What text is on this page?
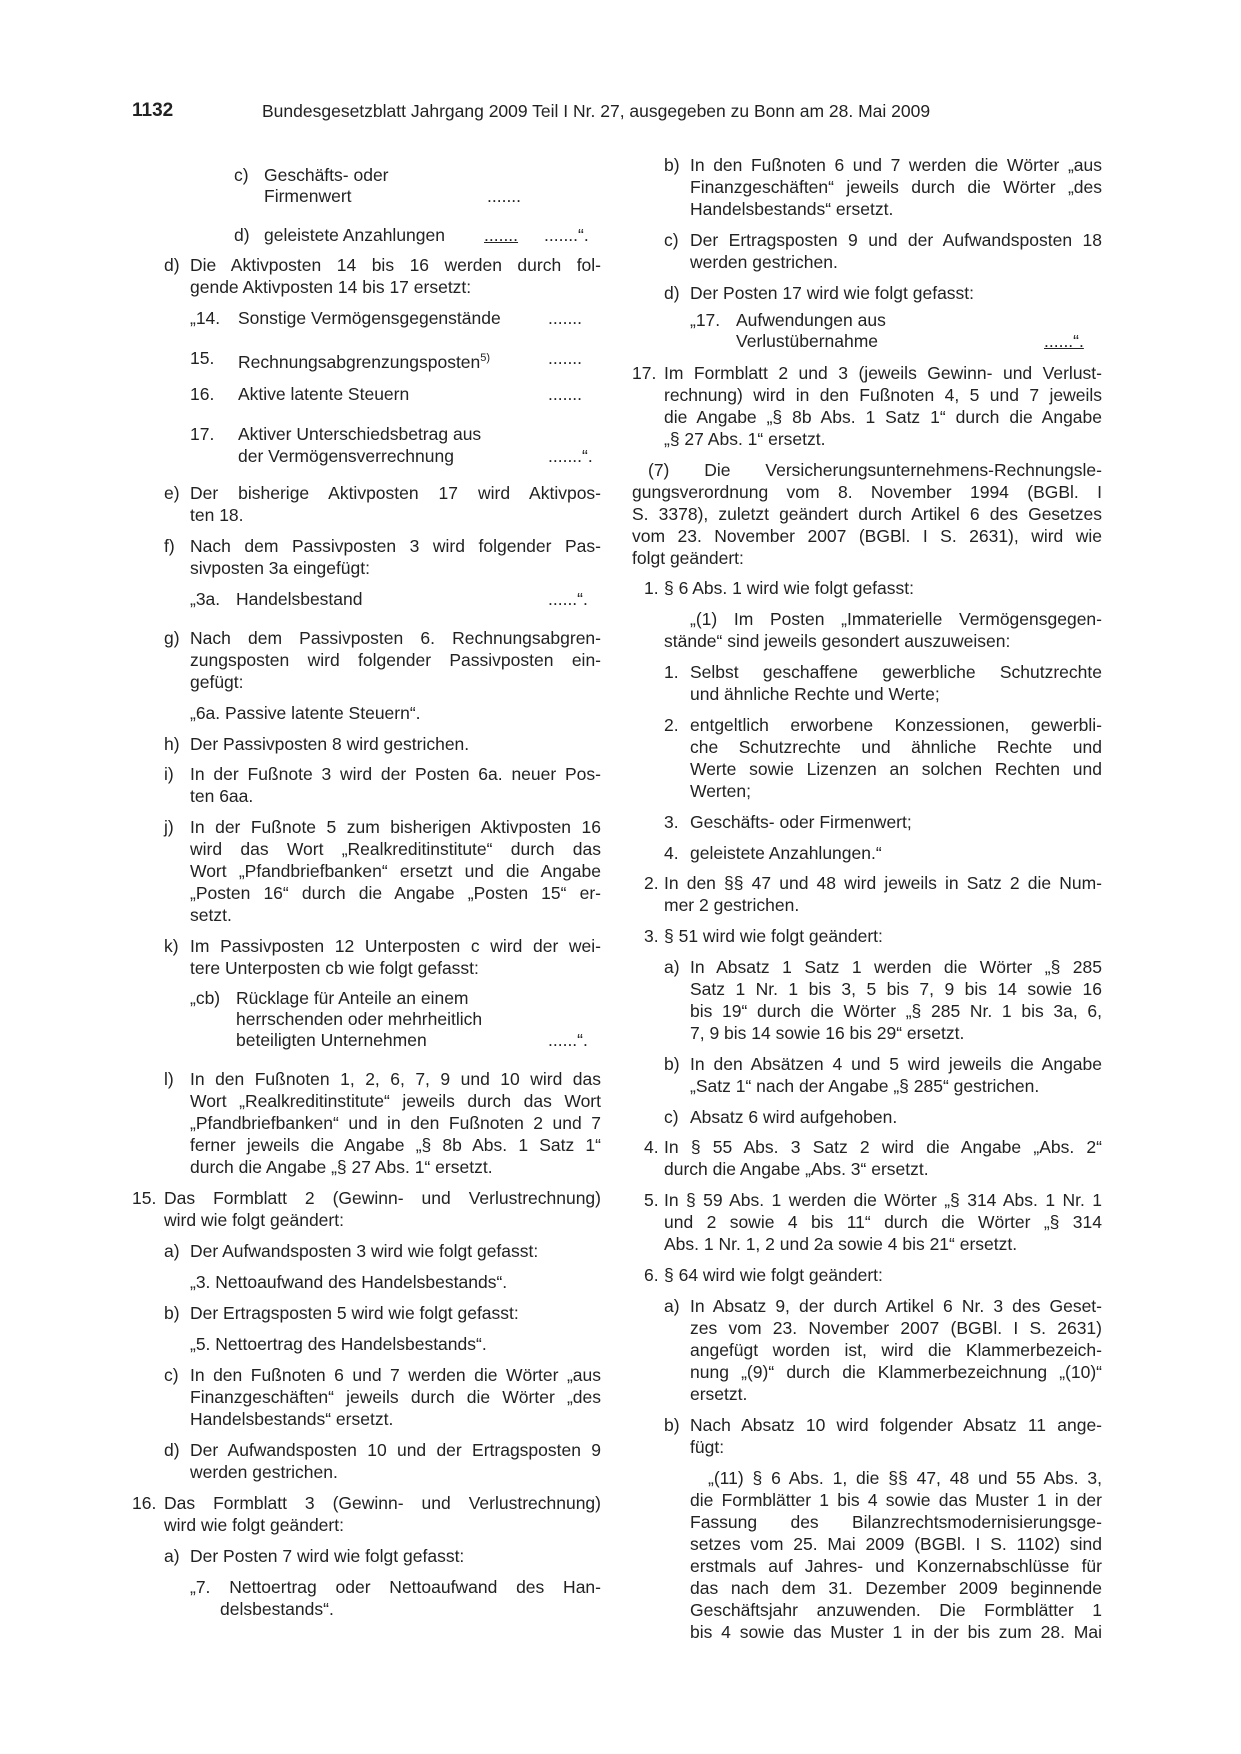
1132	Bundesgesetzblatt Jahrgang 2009 Teil I Nr. 27, ausgegeben zu Bonn am 28. Mai 2009
c) Geschäfts- oder
Firmenwert	.......
d) geleistete Anzahlungen ....... .......“.
d) Die Aktivposten 14 bis 16 werden durch fol-
gende Aktivposten 14 bis 17 ersetzt:
„14. Sonstige Vermögensgegenstände	.......
15. Rechnungsabgrenzungsposten$^{5)}$	.......
16. Aktive latente Steuern	.......
17. Aktiver Unterschiedsbetrag aus
der Vermögensverrechnung	.......“.
e) Der bisherige Aktivposten 17 wird Aktivpos-
ten 18.
f) Nach dem Passivposten 3 wird folgender Pas-
sivposten 3a eingefügt:
„3a. Handelsbestand	......“.
g) Nach dem Passivposten 6. Rechnungsabgren-
zungsposten wird folgender Passivposten ein-
gefügt:
„6a. Passive latente Steuern“.
h) Der Passivposten 8 wird gestrichen.
i) In der Fußnote 3 wird der Posten 6a. neuer Pos-
ten 6aa.
j) In der Fußnote 5 zum bisherigen Aktivposten 16
wird das Wort „Realkreditinstitute“ durch das
Wort „Pfandbriefbanken“ ersetzt und die Angabe
„Posten 16“ durch die Angabe „Posten 15“ er-
setzt.
k) Im Passivposten 12 Unterposten c wird der wei-
tere Unterposten cb wie folgt gefasst:
„cb) Rücklage für Anteile an einem
herrschenden oder mehrheitlich
beteiligten Unternehmen	......“.
l) In den Fußnoten 1, 2, 6, 7, 9 und 10 wird das
Wort „Realkreditinstitute“ jeweils durch das Wort
„Pfandbriefbanken“ und in den Fußnoten 2 und 7
ferner jeweils die Angabe „§ 8b Abs. 1 Satz 1“
durch die Angabe „§ 27 Abs. 1“ ersetzt.
15. Das Formblatt 2 (Gewinn- und Verlustrechnung)
wird wie folgt geändert:
a) Der Aufwandsposten 3 wird wie folgt gefasst:
„3. Nettoaufwand des Handelsbestands“.
b) Der Ertragsposten 5 wird wie folgt gefasst:
„5. Nettoertrag des Handelsbestands“.
c) In den Fußnoten 6 und 7 werden die Wörter „aus
Finanzgeschäften“ jeweils durch die Wörter „des
Handelsbestands“ ersetzt.
d) Der Aufwandsposten 10 und der Ertragsposten 9
werden gestrichen.
16. Das Formblatt 3 (Gewinn- und Verlustrechnung)
wird wie folgt geändert:
a) Der Posten 7 wird wie folgt gefasst:
„7. Nettoertrag oder Nettoaufwand des Han-
delsbestands“.
b) In den Fußnoten 6 und 7 werden die Wörter „aus
Finanzgeschäften“ jeweils durch die Wörter „des
Handelsbestands“ ersetzt.
c) Der Ertragsposten 9 und der Aufwandsposten 18
werden gestrichen.
d) Der Posten 17 wird wie folgt gefasst:
„17. Aufwendungen aus
Verlustübernahme	......“.
17. Im Formblatt 2 und 3 (jeweils Gewinn- und Verlust-
rechnung) wird in den Fußnoten 4, 5 und 7 jeweils
die Angabe „§ 8b Abs. 1 Satz 1“ durch die Angabe
„§ 27 Abs. 1“ ersetzt.
(7) Die Versicherungsunternehmens-Rechnungsle-
gungsverordnung vom 8. November 1994 (BGBl. I
S. 3378), zuletzt geändert durch Artikel 6 des Gesetzes
vom 23. November 2007 (BGBl. I S. 2631), wird wie
folgt geändert:
1. § 6 Abs. 1 wird wie folgt gefasst:
„(1) Im Posten „Immaterielle Vermögensgegen-
stände“ sind jeweils gesondert auszuweisen:
1. Selbst geschaffene gewerbliche Schutzrechte
und ähnliche Rechte und Werte;
2. entgeltlich erworbene Konzessionen, gewerbli-
che Schutzrechte und ähnliche Rechte und
Werte sowie Lizenzen an solchen Rechten und
Werten;
3. Geschäfts- oder Firmenwert;
4. geleistete Anzahlungen.“
2. In den §§ 47 und 48 wird jeweils in Satz 2 die Num-
mer 2 gestrichen.
3. § 51 wird wie folgt geändert:
a) In Absatz 1 Satz 1 werden die Wörter „§ 285
Satz 1 Nr. 1 bis 3, 5 bis 7, 9 bis 14 sowie 16
bis 19“ durch die Wörter „§ 285 Nr. 1 bis 3a, 6,
7, 9 bis 14 sowie 16 bis 29“ ersetzt.
b) In den Absätzen 4 und 5 wird jeweils die Angabe
„Satz 1“ nach der Angabe „§ 285“ gestrichen.
c) Absatz 6 wird aufgehoben.
4. In § 55 Abs. 3 Satz 2 wird die Angabe „Abs. 2“
durch die Angabe „Abs. 3“ ersetzt.
5. In § 59 Abs. 1 werden die Wörter „§ 314 Abs. 1 Nr. 1
und 2 sowie 4 bis 11“ durch die Wörter „§ 314
Abs. 1 Nr. 1, 2 und 2a sowie 4 bis 21“ ersetzt.
6. § 64 wird wie folgt geändert:
a) In Absatz 9, der durch Artikel 6 Nr. 3 des Geset-
zes vom 23. November 2007 (BGBl. I S. 2631)
angefügt worden ist, wird die Klammerbezeich-
nung „(9)“ durch die Klammerbezeichnung „(10)“
ersetzt.
b) Nach Absatz 10 wird folgender Absatz 11 ange-
fügt:
„(11) § 6 Abs. 1, die §§ 47, 48 und 55 Abs. 3,
die Formblätter 1 bis 4 sowie das Muster 1 in der
Fassung des Bilanzrechtsmodernisierungsge-
setzes vom 25. Mai 2009 (BGBl. I S. 1102) sind
erstmals auf Jahres- und Konzernabschlüsse für
das nach dem 31. Dezember 2009 beginnende
Geschäftsjahr anzuwenden. Die Formblätter 1
bis 4 sowie das Muster 1 in der bis zum 28. Mai
